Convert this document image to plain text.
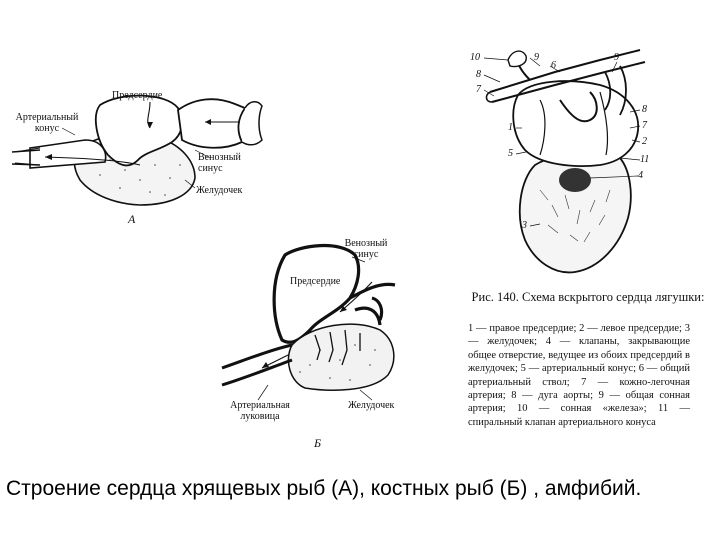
Предсердие
Артериальный конус
Венозный синус
Желудочек
А
Венозный синус
Предсердие
Артериальная луковица
Желудочек
Б
10
8
7
9
6
9
8
7
1
2
5
11
4
3
Рис. 140. Схема вскрытого сердца лягушки:
1 — правое предсердие; 2 — левое предсердие; 3 — желудочек; 4 — клапаны, закрывающие общее отверстие, ведущее из обоих предсердий в желудочек; 5 — артериальный конус; 6 — общий артериальный ствол; 7 — кожно-легочная артерия; 8 — дуга аорты; 9 — общая сонная артерия; 10 — сонная «железа»; 11 — спиральный клапан артериального конуса
Строение сердца хрящевых рыб (А), костных рыб (Б) , амфибий.
